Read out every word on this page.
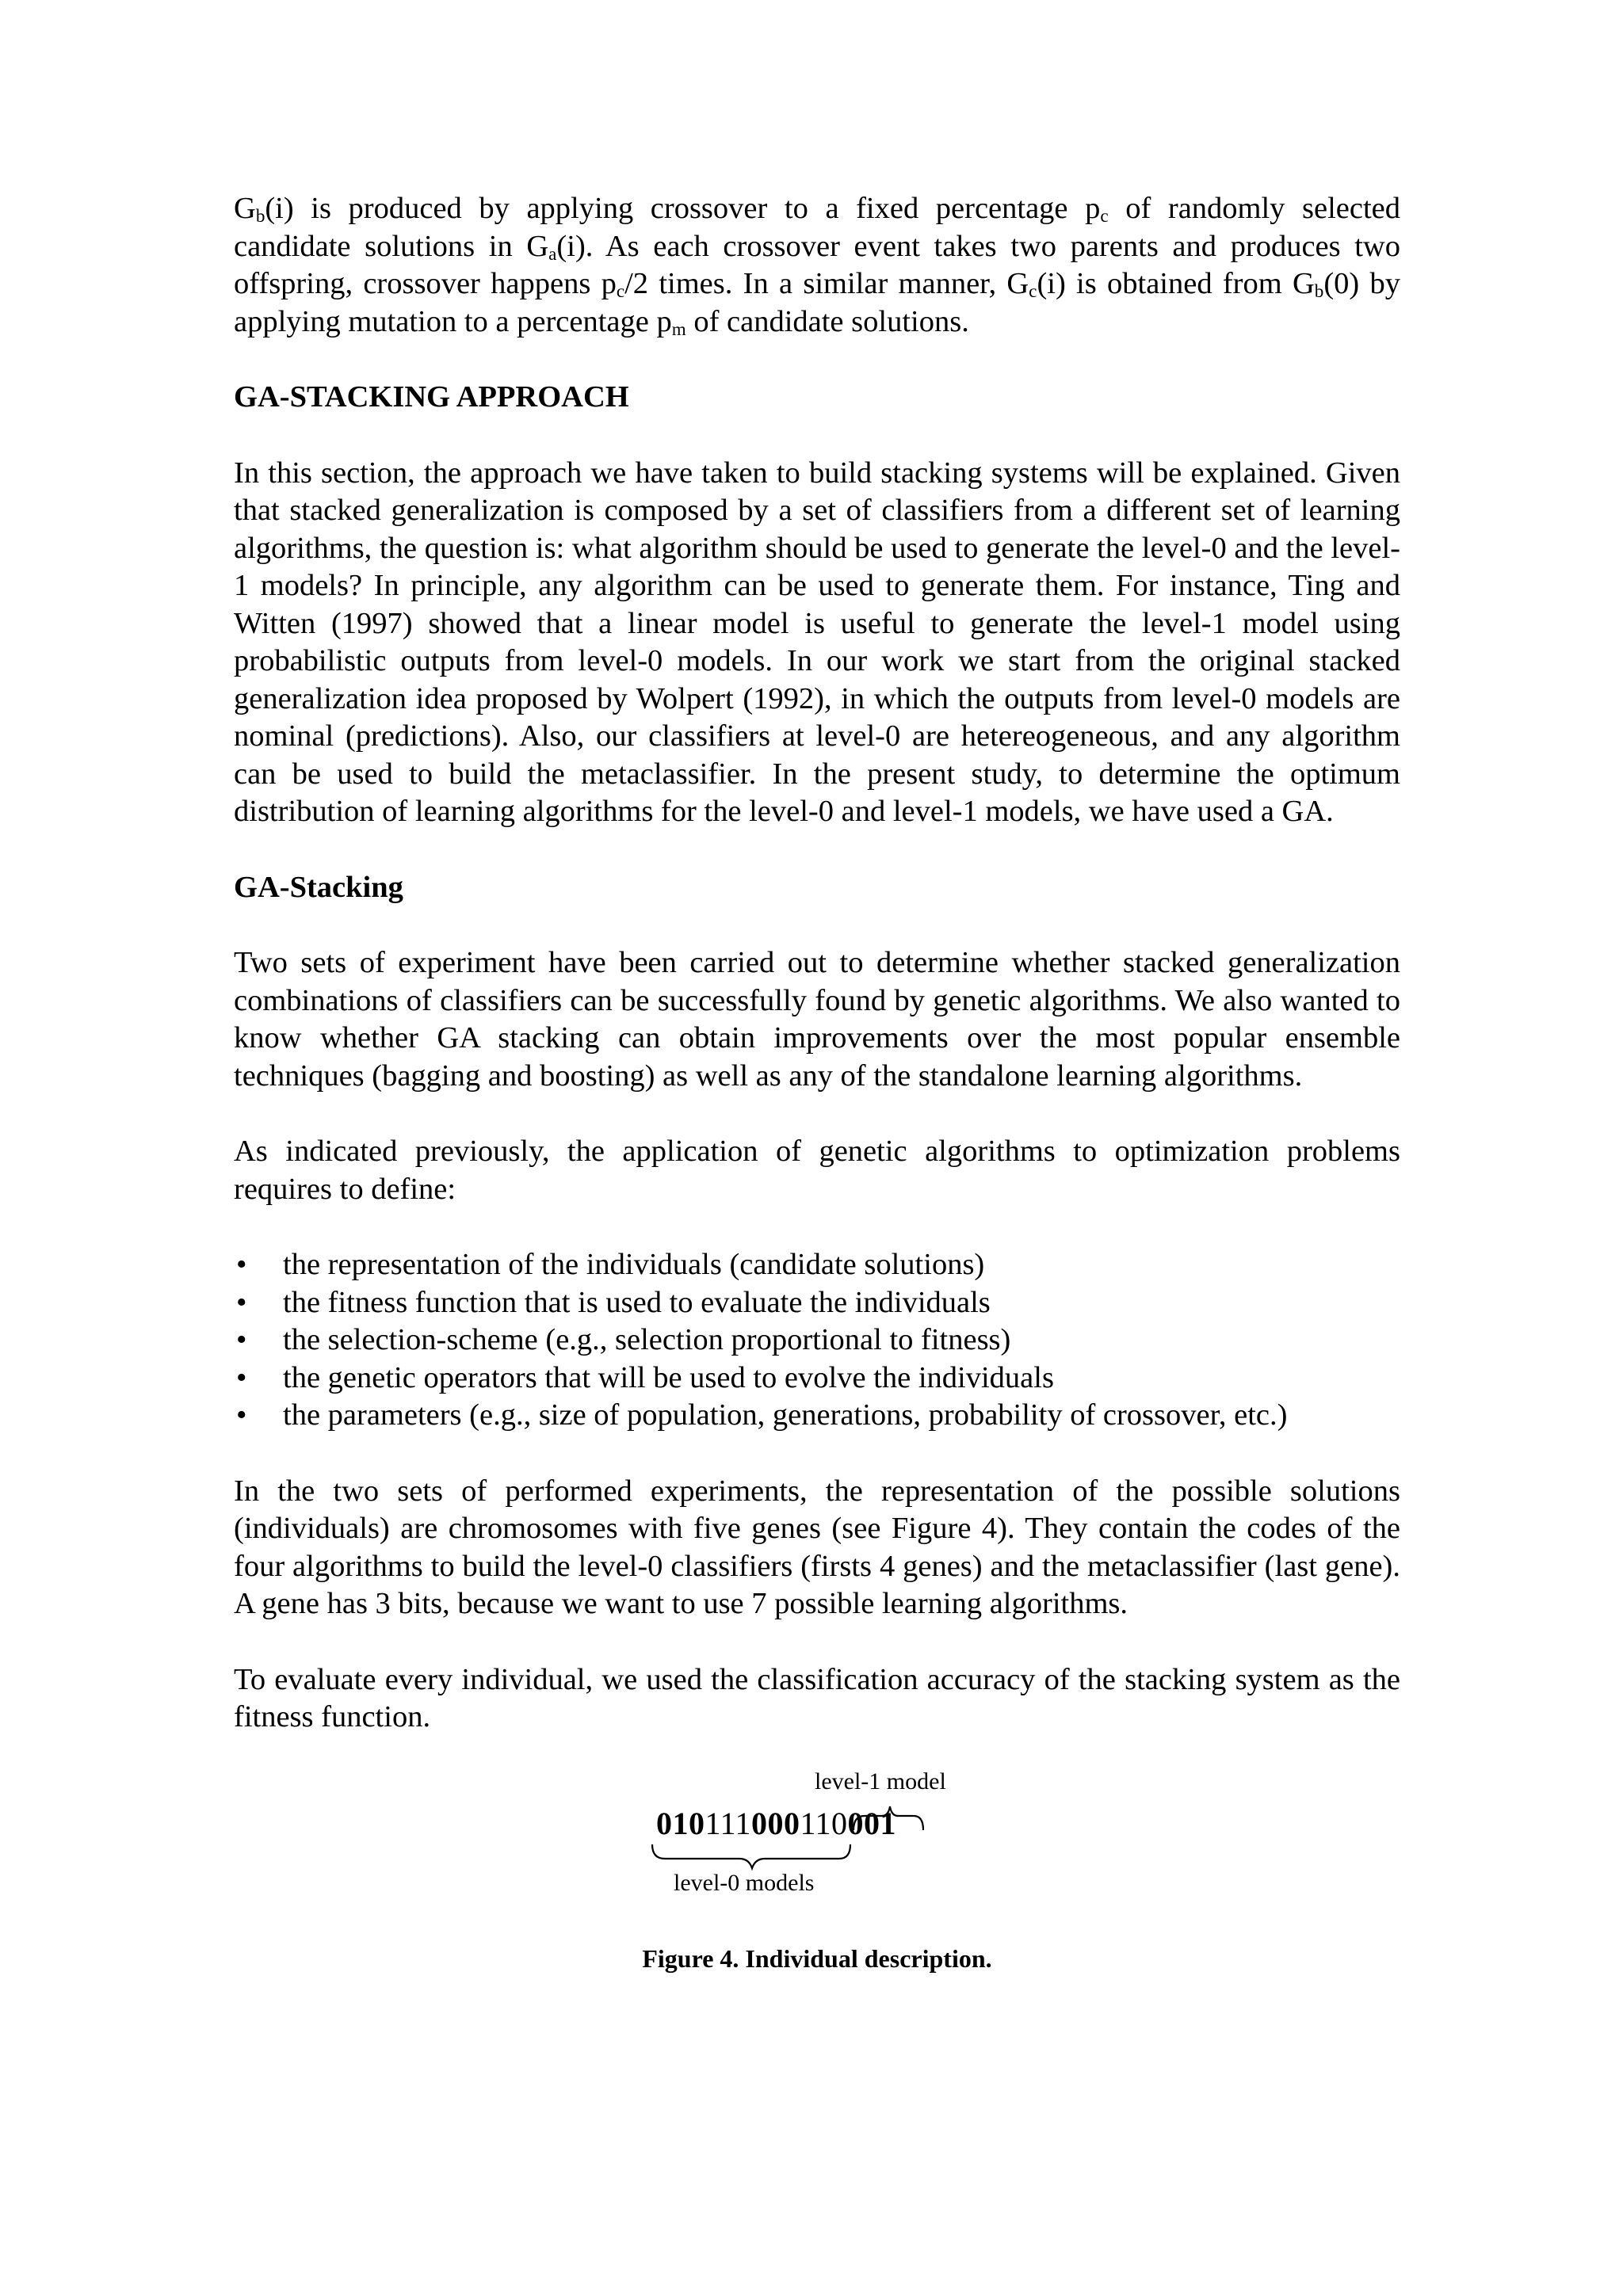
$G_b(i)$ is produced by applying crossover to a fixed percentage $p_c$ of randomly selected candidate solutions in $G_a(i)$. As each crossover event takes two parents and produces two offspring, crossover happens $p_c/2$ times. In a similar manner, $G_c(i)$ is obtained from $G_b(0)$ by applying mutation to a percentage $p_m$ of candidate solutions.

GA-STACKING APPROACH

In this section, the approach we have taken to build stacking systems will be explained. Given that stacked generalization is composed by a set of classifiers from a different set of learning algorithms, the question is: what algorithm should be used to generate the level-0 and the level-1 models? In principle, any algorithm can be used to generate them. For instance, Ting and Witten (1997) showed that a linear model is useful to generate the level-1 model using probabilistic outputs from level-0 models. In our work we start from the original stacked generalization idea proposed by Wolpert (1992), in which the outputs from level-0 models are nominal (predictions). Also, our classifiers at level-0 are hetereogeneous, and any algorithm can be used to build the metaclassifier. In the present study, to determine the optimum distribution of learning algorithms for the level-0 and level-1 models, we have used a GA.

GA-Stacking

Two sets of experiment have been carried out to determine whether stacked generalization combinations of classifiers can be successfully found by genetic algorithms. We also wanted to know whether GA stacking can obtain improvements over the most popular ensemble techniques (bagging and boosting) as well as any of the standalone learning algorithms.

As indicated previously, the application of genetic algorithms to optimization problems requires to define:

• the representation of the individuals (candidate solutions)
• the fitness function that is used to evaluate the individuals
• the selection-scheme (e.g., selection proportional to fitness)
• the genetic operators that will be used to evolve the individuals
• the parameters (e.g., size of population, generations, probability of crossover, etc.)

In the two sets of performed experiments, the representation of the possible solutions (individuals) are chromosomes with five genes (see Figure 4). They contain the codes of the four algorithms to build the level-0 classifiers (firsts 4 genes) and the metaclassifier (last gene). A gene has 3 bits, because we want to use 7 possible learning algorithms.

To evaluate every individual, we used the classification accuracy of the stacking system as the fitness function.

level-1 model
010111000110001
level-0 models
Figure 4. Individual description.
